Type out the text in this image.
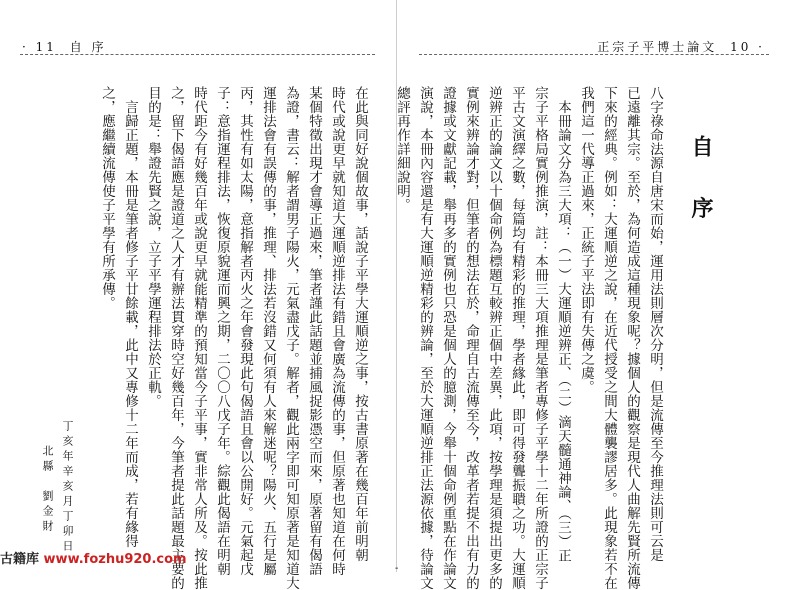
· 11 自 序
在此與同好說個故事，話說子平學大運順逆之事，按古書原著在幾百年前明朝
時代或說更早就知道大運順逆排法有錯且會廣為流傳的事，但原著也知道在何時
某個特徵出現才會導正過來，筆者謹此話題並捕風捉影憑空而來，原著留有偈語
為證，書云：解者謂男子陽火，元氣盡戊子。解者，觀此兩字即可知原著是知道大
運排法會有誤傳的事，推理、排法若沒錯又何須有人來解迷呢？陽火、五行是屬
丙，其性有如太陽，意指解者丙火之年會發現此句偈語且會以公開好。元氣起戊
子：意指運程排法，恢復原貌運而興之期，二〇〇八戊子年。綜觀此偈語在明朝
時代距今有好幾百年或說更早就能精準的預知當今子平事，實非常人所及。按此推
之，留下偈語應是證道之人才有辦法貫穿時空好幾百年，今筆者提此話題最主要的
目的是：舉證先賢之說，立子平學運程排法於正軌。
　言歸正題，本冊是筆者修子平廿餘載，此中又專修十二年而成，若有緣得
之，應繼續流傳使子平學有所承傳。
丁亥年辛亥月丁卯日
北縣　劉金財
古籍库 www.fozhu920.com
-
正宗子平博士論文 10 ·
自 序
八字祿命法源自唐宋而始，運用法則層次分明，但是流傳至今推理法則可云是
已遠離其宗。至於，為何造成這種現象呢？據個人的觀察是現代人曲解先賢所流傳
下來的經典。例如：大運順逆之說，在近代授受之間大體襲謬居多。此現象若不在
我們這一代導正過來，正統子平法即有失傳之虞。
　本冊論文分為三大項：（一）大運順逆辨正、（二）滴天髓通神論、（三）正
宗子平格局實例推演，註：本冊三大項推理是筆者專修子平學十二年所證的正宗子
平古文演繹之數，每篇均有精彩的推理，學者緣此，即可得發聾振聵之功。大運順
逆辨正的論文以十個命例為標題互較辨正個中差異，此項，按學理是須提出更多的
實例來辨論才對，但筆者的想法在於，命理自古流傳至今，改革者若提不出有力的
證據或文獻記載，舉再多的實例也只恐是個人的臆測，今舉十個命例重點在作論文
演說，本冊內容還是有大運順逆精彩的辨論，至於大運順逆排正法源依據，待論文
總評再作詳細說明。
